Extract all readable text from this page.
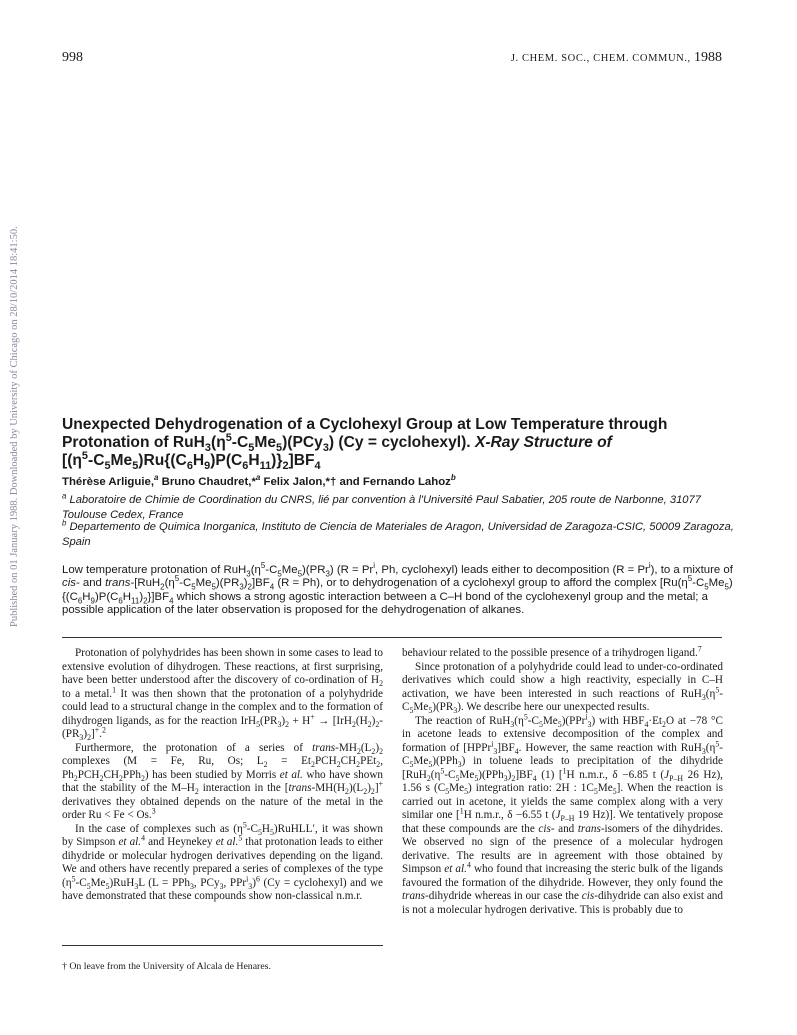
998	J. CHEM. SOC., CHEM. COMMUN., 1988
Published on 01 January 1988. Downloaded by University of Chicago on 28/10/2014 18:41:50.	Unexpected Dehydrogenation of a Cyclohexyl Group at Low Temperature through
Protonation of $RuH_3(\eta^5-C_5Me_5)(PCy_3) (Cy$ = cyclohexyl). X-Ray Structure of
$[(\eta^5-C_5Me_5)Ru\{(C_6H_9)P(C_6H_{11})\}_2]BF_4$
Thérèse Arliguie,$^a$ Bruno Chaudret,*$^a$ Felix Jalon,*† and Fernando Lahoz$^b$
$^a$ Laboratoire de Chimie de Coordination du CNRS, lié par convention à l'Université Paul Sabatier, 205 route de Narbonne, 31077 Toulouse Cedex, France
$^b$ Departemento de Quimica Inorganica, Instituto de Ciencia de Materiales de Aragon, Universidad de Zaragoza-CSIC, 50009 Zaragoza, Spain
Low temperature protonation of $RuH_3(\eta^5-C_5Me_5)(PR_3) (R = Pr^i$, Ph, cyclohexyl) leads either to decomposition $(R = Pr^i)$, to a mixture of cis- and trans-$[RuH_2(\eta^5-C_5Me_5)(PR_3)_2]BF_4$ (R = Ph), or to dehydrogenation of a cyclohexyl group to afford the complex $[Ru(\eta^5-C_5Me_5)\{(C_6H_9)P(C_6H_{11})_2\}]BF_4$ which shows a strong agostic interaction between a C–H bond of the cyclohexenyl group and the metal; a possible application of the later observation is proposed for the dehydrogenation of alkanes.

Protonation of polyhydrides has been shown in some cases to lead to extensive evolution of dihydrogen. These reactions, at first surprising, have been better understood after the discovery of co-ordination of $H_2$ to a metal.$^1$ It was then shown that the protonation of a polyhydride could lead to a structural change in the complex and to the formation of dihydrogen ligands, as for the reaction $IrH_5(PR_3)_2 + H^+ \to [IrH_2(H_2)_2-(PR_3)_2]^+.^2$

Furthermore, the protonation of a series of trans-$MH_2(L_2)_2$ complexes (M = Fe, Ru, Os; $L_2 = Et_2PCH_2CH_2PEt_2$, $Ph_2PCH_2CH_2PPh_2$) has been studied by Morris et al. who have shown that the stability of the $M-H_2$ interaction in the $[trans-MH(H_2)(L_2)_2]^+$ derivatives they obtained depends on the nature of the metal in the order Ru < Fe < Os.$^3$

In the case of complexes such as $(\eta^5-C_5H_5)RuHLL'$, it was shown by Simpson et al.$^4$ and Heynekey et al.$^5$ that protonation leads to either dihydride or molecular hydrogen derivatives depending on the ligand. We and others have recently prepared a series of complexes of the type $(\eta^5-C_5Me_5)RuH_3L$ (L = PPh$_3$, PCy$_3$, PPr$^i_3$)$^6$ (Cy = cyclohexyl) and we have demonstrated that these compounds show non-classical n.m.r.

behaviour related to the possible presence of a trihydrogen ligand.$^7$

Since protonation of a polyhydride could lead to under-co-ordinated derivatives which could show a high reactivity, especially in C–H activation, we have been interested in such reactions of $RuH_3(\eta^5-C_5Me_5)(PR_3)$. We describe here our unexpected results.

The reaction of $RuH_3(\eta^5-C_5Me_5)(PPr^i_3)$ with $HBF_4\cdot Et_2O$ at −78 °C in acetone leads to extensive decomposition of the complex and formation of $[HPPr^i_3]BF_4$. However, the same reaction with $RuH_3(\eta^5-C_5Me_5)(PPh_3)$ in toluene leads to precipitation of the dihydride $[RuH_2(\eta^5-C_5Me_5)(PPh_3)_2]BF_4$ (1) [$^1$H n.m.r., δ −6.85 t ($J_{P-H}$ 26 Hz), 1.56 s $(C_5Me_5)$ integration ratio: 2H : $1C_5Me_5$]. When the reaction is carried out in acetone, it yields the same complex along with a very similar one [$^1$H n.m.r., δ −6.55 t ($J_{P-H}$ 19 Hz)]. We tentatively propose that these compounds are the cis- and trans-isomers of the dihydrides. We observed no sign of the presence of a molecular hydrogen derivative. The results are in agreement with those obtained by Simpson et al.$^4$ who found that increasing the steric bulk of the ligands favoured the formation of the dihydride. However, they only found the trans-dihydride whereas in our case the cis-dihydride can also exist and is not a molecular hydrogen derivative. This is probably due to

† On leave from the University of Alcala de Henares.
